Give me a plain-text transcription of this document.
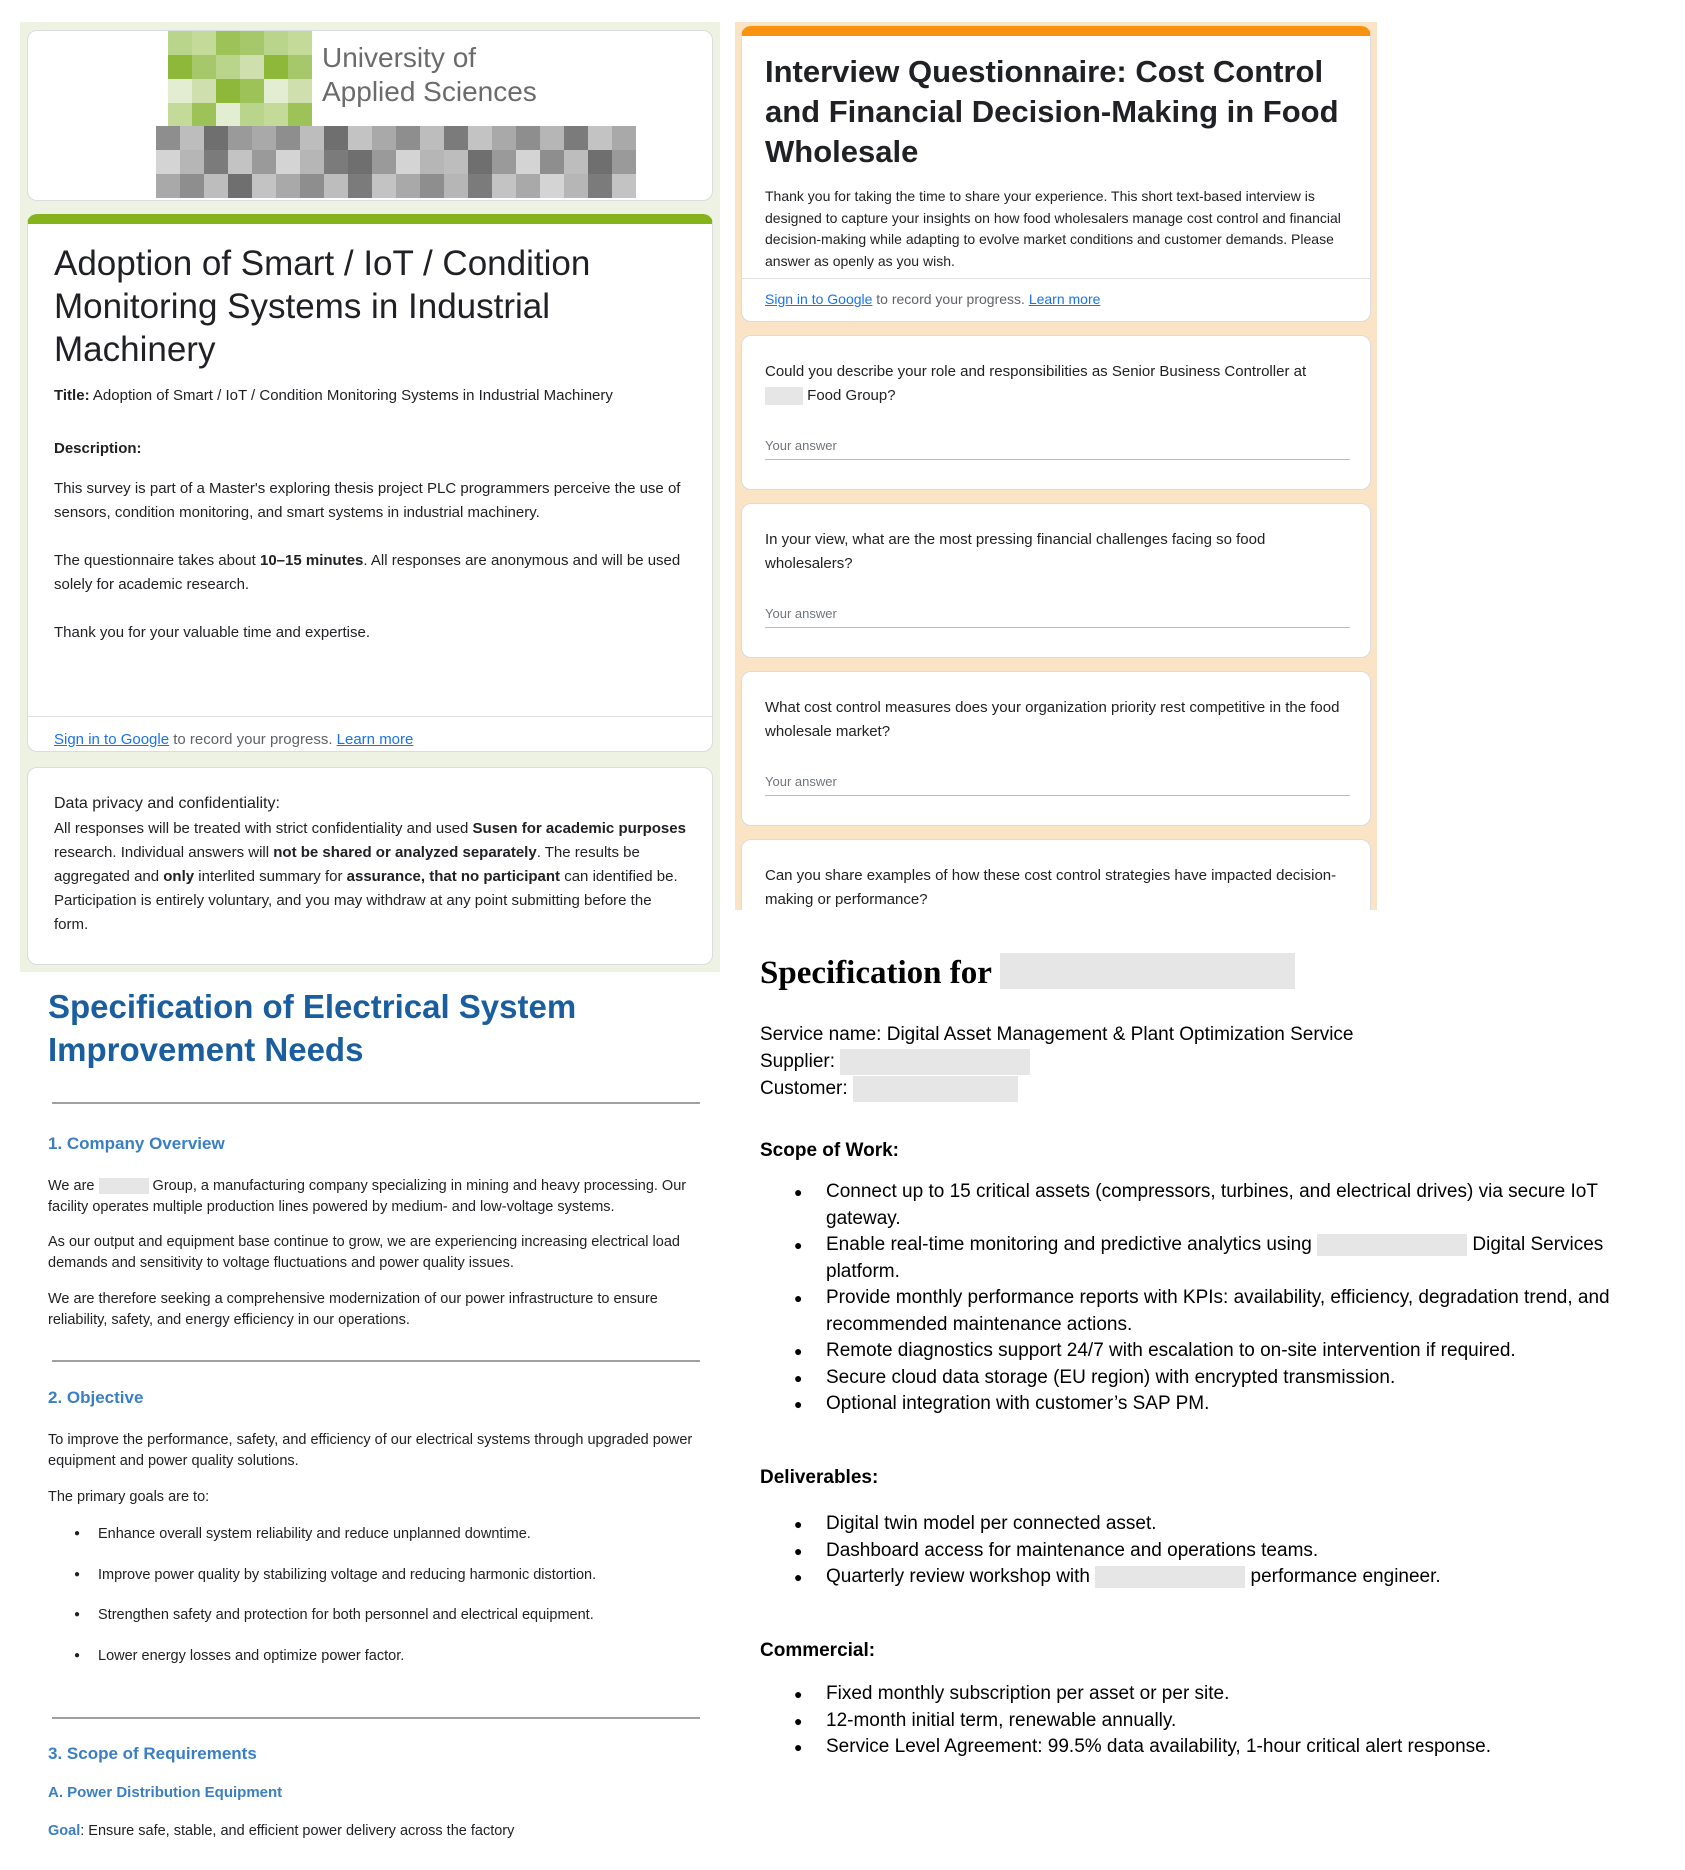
University of
Applied Sciences
Adoption of Smart / IoT / Condition Monitoring Systems in Industrial Machinery
Title: Adoption of Smart / IoT / Condition Monitoring Systems in Industrial Machinery
Description:
This survey is part of a Master's exploring thesis project PLC programmers perceive the use of sensors, condition monitoring, and smart systems in industrial machinery.
The questionnaire takes about 10–15 minutes. All responses are anonymous and will be used solely for academic research.
Thank you for your valuable time and expertise.
Sign in to Google to record your progress. Learn more
Data privacy and confidentiality:
All responses will be treated with strict confidentiality and used Susen for academic purposes research. Individual answers will not be shared or analyzed separately. The results be aggregated and only interlited summary for assurance, that no participant can identified be. Participation is entirely voluntary, and you may withdraw at any point submitting before the form.
Interview Questionnaire: Cost Control and Financial Decision-Making in Food Wholesale
Thank you for taking the time to share your experience. This short text-based interview is designed to capture your insights on how food wholesalers manage cost control and financial decision-making while adapting to evolve market conditions and customer demands. Please answer as openly as you wish.
Sign in to Google to record your progress. Learn more
Could you describe your role and responsibilities as Senior Business Controller at
Food Group?
Your answer
In your view, what are the most pressing financial challenges facing so food wholesalers?
Your answer
What cost control measures does your organization priority rest competitive in the food wholesale market?
Your answer
Can you share examples of how these cost control strategies have impacted decision-making or performance?
Specification of Electrical System Improvement Needs
1. Company Overview
We are	Group, a manufacturing company specializing in mining and heavy processing. Our facility operates multiple production lines powered by medium- and low-voltage systems.
As our output and equipment base continue to grow, we are experiencing increasing electrical load demands and sensitivity to voltage fluctuations and power quality issues.
We are therefore seeking a comprehensive modernization of our power infrastructure to ensure reliability, safety, and energy efficiency in our operations.
2. Objective
To improve the performance, safety, and efficiency of our electrical systems through upgraded power equipment and power quality solutions.
The primary goals are to:
● Enhance overall system reliability and reduce unplanned downtime.
● Improve power quality by stabilizing voltage and reducing harmonic distortion.
● Strengthen safety and protection for both personnel and electrical equipment.
● Lower energy losses and optimize power factor.
3. Scope of Requirements
A. Power Distribution Equipment
Goal: Ensure safe, stable, and efficient power delivery across the factory
Specification for
Service name: Digital Asset Management & Plant Optimization Service
Supplier:
Customer:
Scope of Work:
● Connect up to 15 critical assets (compressors, turbines, and electrical drives) via secure IoT gateway.
● Enable real-time monitoring and predictive analytics using	Digital Services platform.
● Provide monthly performance reports with KPIs: availability, efficiency, degradation trend, and recommended maintenance actions.
● Remote diagnostics support 24/7 with escalation to on-site intervention if required.
● Secure cloud data storage (EU region) with encrypted transmission.
● Optional integration with customer’s SAP PM.
Deliverables:
● Digital twin model per connected asset.
● Dashboard access for maintenance and operations teams.
● Quarterly review workshop with	performance engineer.
Commercial:
● Fixed monthly subscription per asset or per site.
● 12-month initial term, renewable annually.
● Service Level Agreement: 99.5% data availability, 1-hour critical alert response.
